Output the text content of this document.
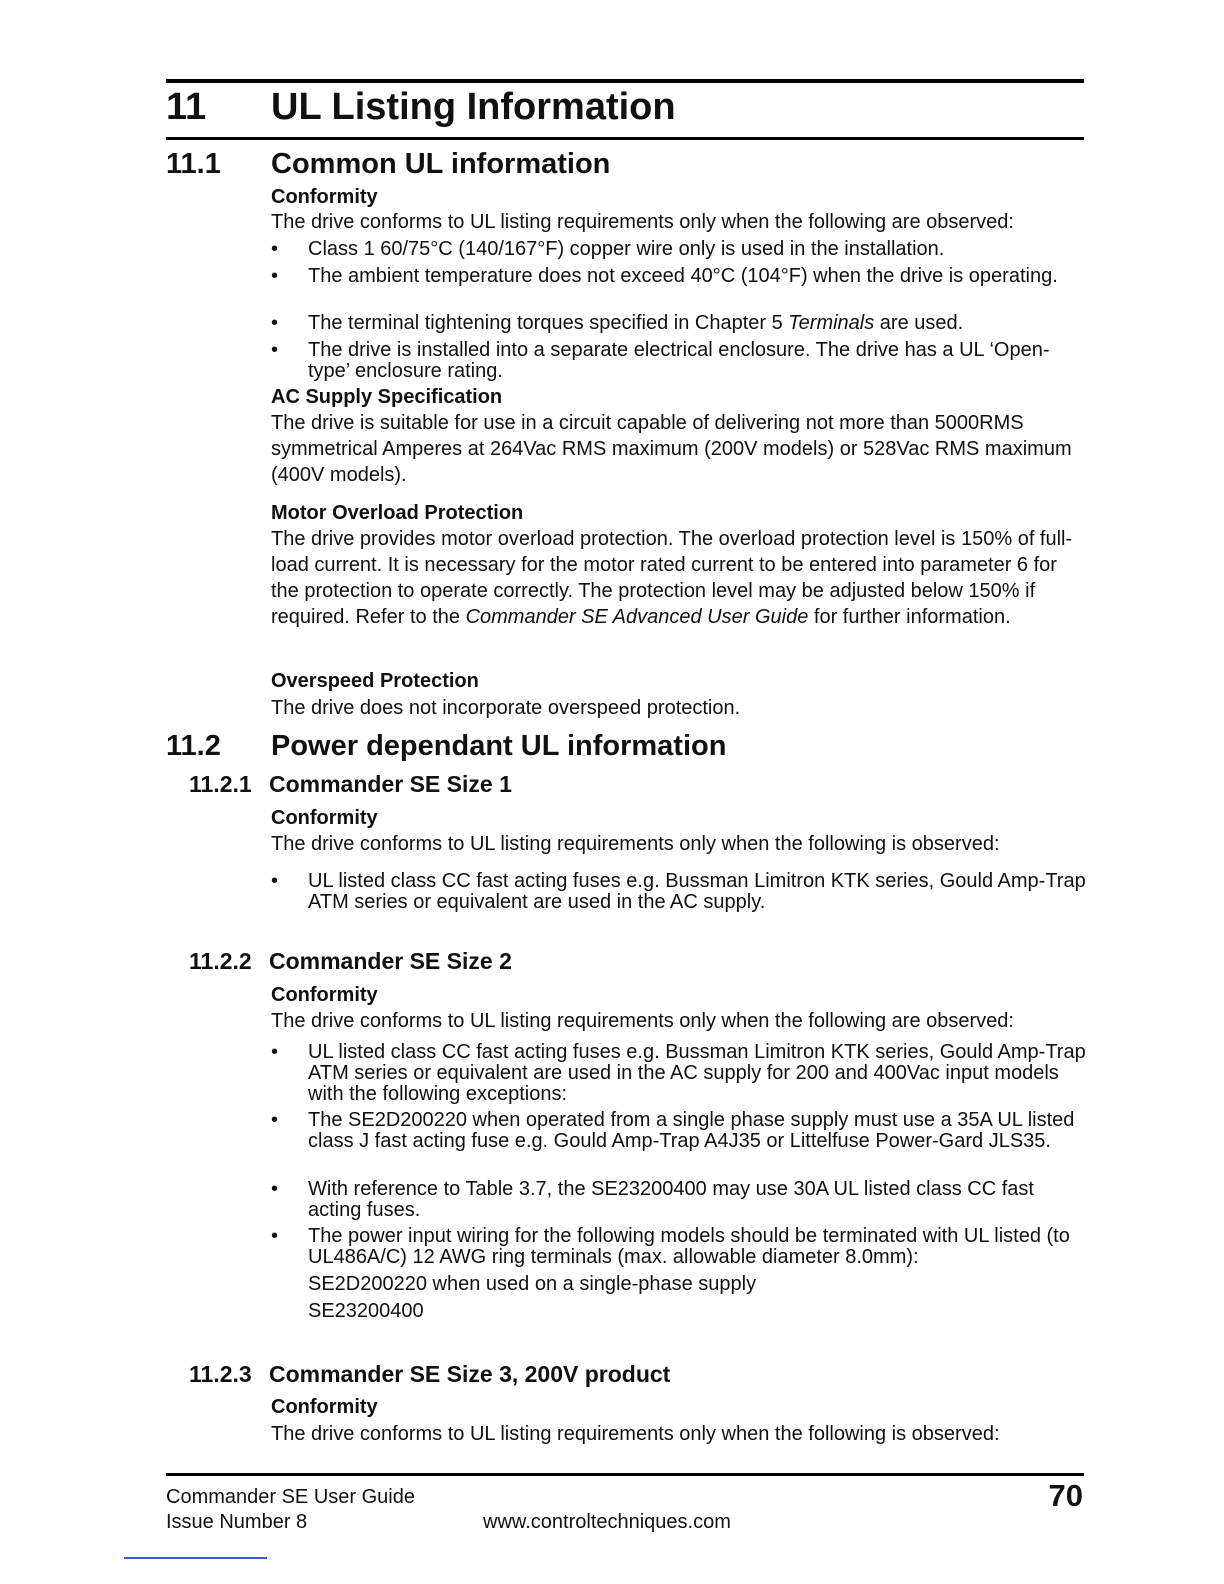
11 UL Listing Information
11.1 Common UL information
Conformity
The drive conforms to UL listing requirements only when the following are observed:
• Class 1 60/75°C (140/167°F) copper wire only is used in the installation.
• The ambient temperature does not exceed 40°C (104°F) when the drive is operating.
• The terminal tightening torques specified in Chapter 5 Terminals are used.
• The drive is installed into a separate electrical enclosure. The drive has a UL ‘Open-type’ enclosure rating.
AC Supply Specification
The drive is suitable for use in a circuit capable of delivering not more than 5000RMS symmetrical Amperes at 264Vac RMS maximum (200V models) or 528Vac RMS maximum (400V models).
Motor Overload Protection
The drive provides motor overload protection. The overload protection level is 150% of full-load current. It is necessary for the motor rated current to be entered into parameter 6 for the protection to operate correctly. The protection level may be adjusted below 150% if required. Refer to the Commander SE Advanced User Guide for further information.
Overspeed Protection
The drive does not incorporate overspeed protection.
11.2 Power dependant UL information
11.2.1 Commander SE Size 1
Conformity
The drive conforms to UL listing requirements only when the following is observed:
• UL listed class CC fast acting fuses e.g. Bussman Limitron KTK series, Gould Amp-Trap ATM series or equivalent are used in the AC supply.
11.2.2 Commander SE Size 2
Conformity
The drive conforms to UL listing requirements only when the following are observed:
• UL listed class CC fast acting fuses e.g. Bussman Limitron KTK series, Gould Amp-Trap ATM series or equivalent are used in the AC supply for 200 and 400Vac input models with the following exceptions:
• The SE2D200220 when operated from a single phase supply must use a 35A UL listed class J fast acting fuse e.g. Gould Amp-Trap A4J35 or Littelfuse Power-Gard JLS35.
• With reference to Table 3.7, the SE23200400 may use 30A UL listed class CC fast acting fuses.
• The power input wiring for the following models should be terminated with UL listed (to UL486A/C) 12 AWG ring terminals (max. allowable diameter 8.0mm):
SE2D200220 when used on a single-phase supply
SE23200400
11.2.3 Commander SE Size 3, 200V product
Conformity
The drive conforms to UL listing requirements only when the following is observed:
Commander SE User Guide
Issue Number 8	www.controltechniques.com
70
